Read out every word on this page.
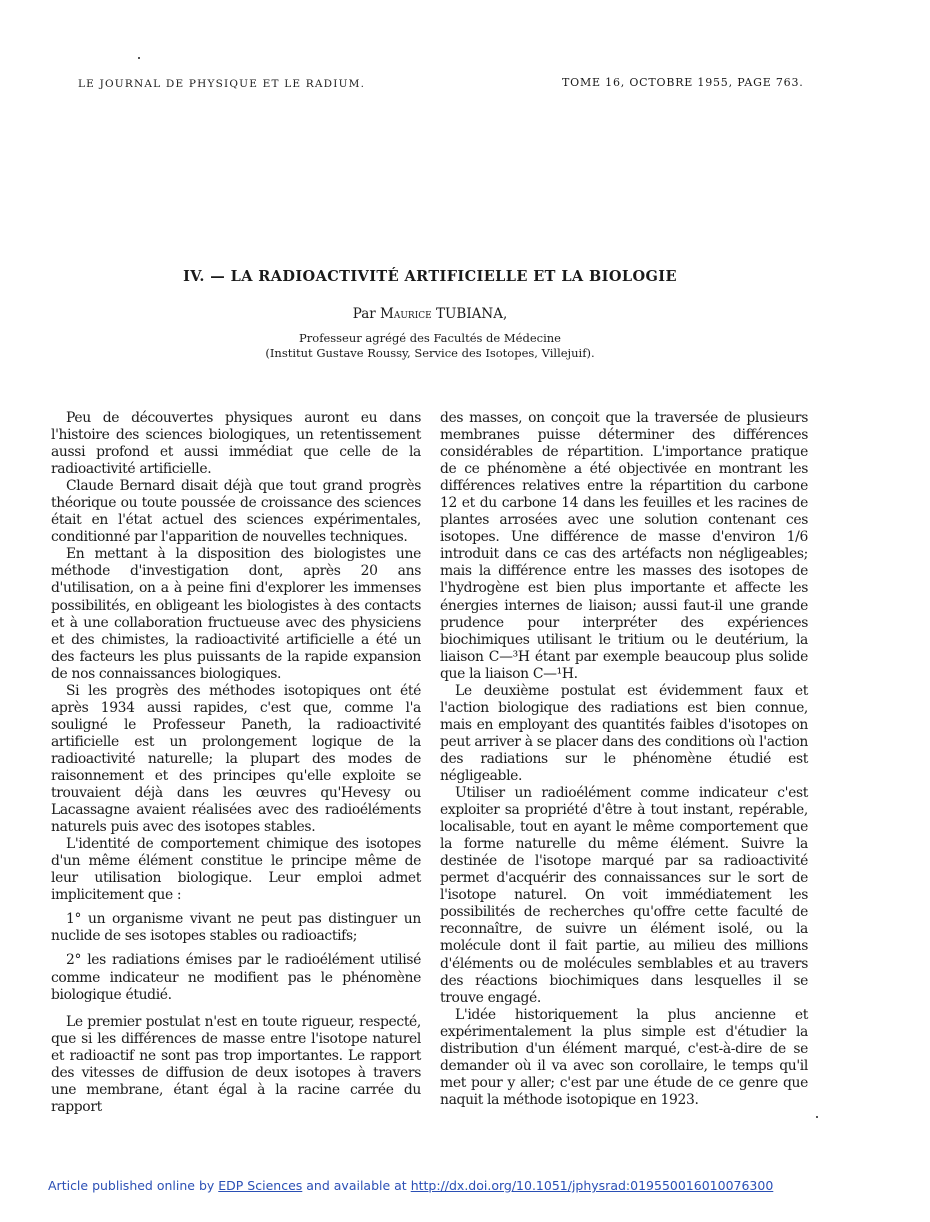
LE JOURNAL DE PHYSIQUE ET LE RADIUM.	TOME 16, OCTOBRE 1955, PAGE 763.
IV. — LA RADIOACTIVITÉ ARTIFICIELLE ET LA BIOLOGIE
Par Maurice TUBIANA,
Professeur agrégé des Facultés de Médecine
(Institut Gustave Roussy, Service des Isotopes, Villejuif).

Peu de découvertes physiques auront eu dans l'histoire des sciences biologiques, un retentissement aussi profond et aussi immédiat que celle de la radioactivité artificielle.

Claude Bernard disait déjà que tout grand progrès théorique ou toute poussée de croissance des sciences était en l'état actuel des sciences expérimentales, conditionné par l'apparition de nouvelles techniques.

En mettant à la disposition des biologistes une méthode d'investigation dont, après 20 ans d'utilisation, on a à peine fini d'explorer les immenses possibilités, en obligeant les biologistes à des contacts et à une collaboration fructueuse avec des physiciens et des chimistes, la radioactivité artificielle a été un des facteurs les plus puissants de la rapide expansion de nos connaissances biologiques.

Si les progrès des méthodes isotopiques ont été après 1934 aussi rapides, c'est que, comme l'a souligné le Professeur Paneth, la radioactivité artificielle est un prolongement logique de la radioactivité naturelle; la plupart des modes de raisonnement et des principes qu'elle exploite se trouvaient déjà dans les œuvres qu'Hevesy ou Lacassagne avaient réalisées avec des radioéléments naturels puis avec des isotopes stables.

L'identité de comportement chimique des isotopes d'un même élément constitue le principe même de leur utilisation biologique. Leur emploi admet implicitement que :

1° un organisme vivant ne peut pas distinguer un nuclide de ses isotopes stables ou radioactifs;

2° les radiations émises par le radioélément utilisé comme indicateur ne modifient pas le phénomène biologique étudié.

Le premier postulat n'est en toute rigueur, respecté, que si les différences de masse entre l'isotope naturel et radioactif ne sont pas trop importantes. Le rapport des vitesses de diffusion de deux isotopes à travers une membrane, étant égal à la racine carrée du rapport

des masses, on conçoit que la traversée de plusieurs membranes puisse déterminer des différences considérables de répartition. L'importance pratique de ce phénomène a été objectivée en montrant les différences relatives entre la répartition du carbone 12 et du carbone 14 dans les feuilles et les racines de plantes arrosées avec une solution contenant ces isotopes. Une différence de masse d'environ 1/6 introduit dans ce cas des artéfacts non négligeables; mais la différence entre les masses des isotopes de l'hydrogène est bien plus importante et affecte les énergies internes de liaison; aussi faut-il une grande prudence pour interpréter des expériences biochimiques utilisant le tritium ou le deutérium, la liaison C—³H étant par exemple beaucoup plus solide que la liaison C—¹H.

Le deuxième postulat est évidemment faux et l'action biologique des radiations est bien connue, mais en employant des quantités faibles d'isotopes on peut arriver à se placer dans des conditions où l'action des radiations sur le phénomène étudié est négligeable.

Utiliser un radioélément comme indicateur c'est exploiter sa propriété d'être à tout instant, repérable, localisable, tout en ayant le même comportement que la forme naturelle du même élément. Suivre la destinée de l'isotope marqué par sa radioactivité permet d'acquérir des connaissances sur le sort de l'isotope naturel. On voit immédiatement les possibilités de recherches qu'offre cette faculté de reconnaître, de suivre un élément isolé, ou la molécule dont il fait partie, au milieu des millions d'éléments ou de molécules semblables et au travers des réactions biochimiques dans lesquelles il se trouve engagé.

L'idée historiquement la plus ancienne et expérimentalement la plus simple est d'étudier la distribution d'un élément marqué, c'est-à-dire de se demander où il va avec son corollaire, le temps qu'il met pour y aller; c'est par une étude de ce genre que naquit la méthode isotopique en 1923.

Article published online by EDP Sciences and available at http://dx.doi.org/10.1051/jphysrad:019550016010076300
